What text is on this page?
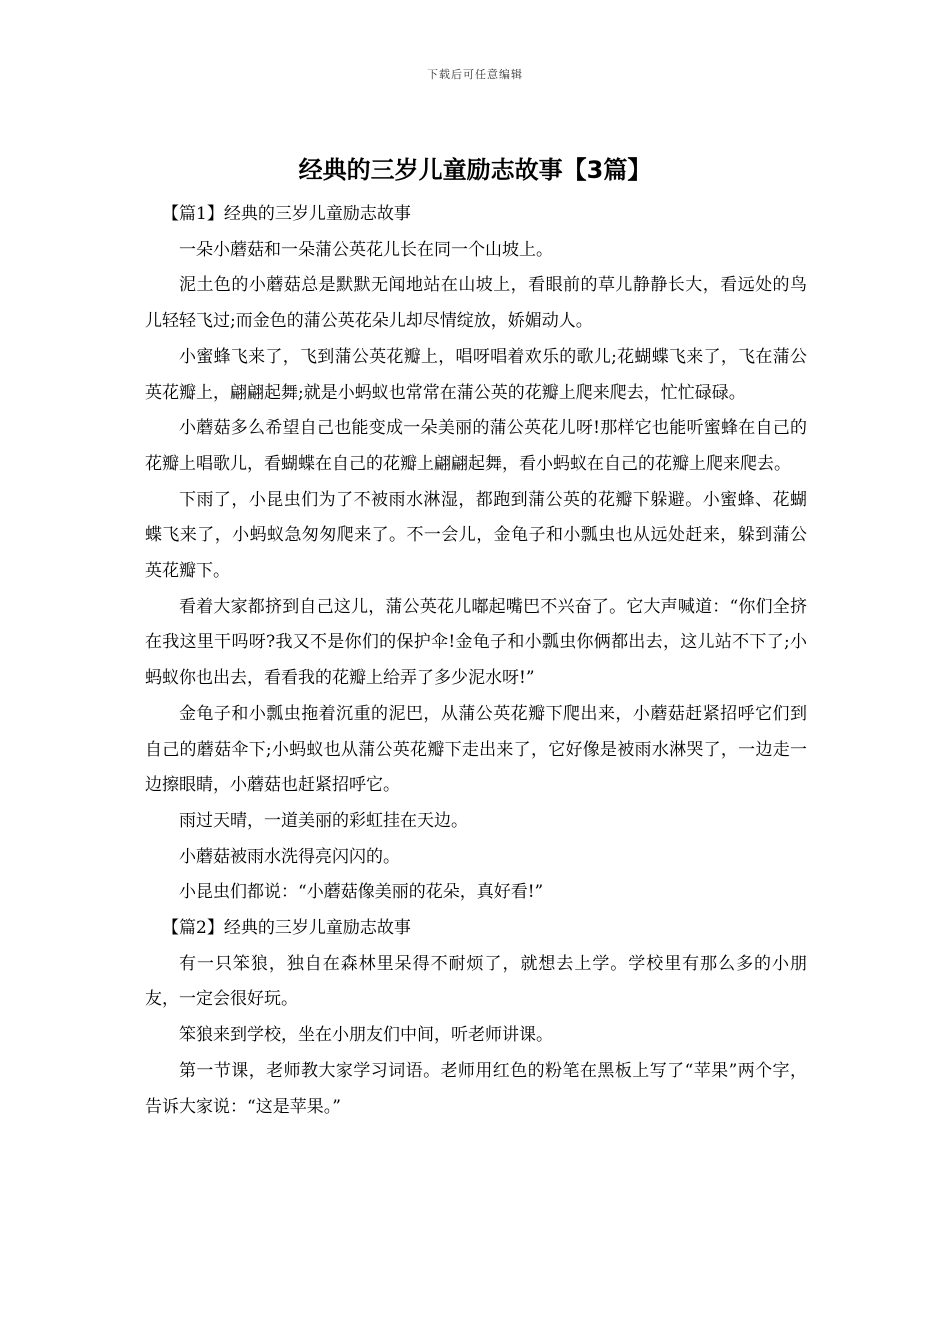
下载后可任意编辑
经典的三岁儿童励志故事【3篇】

【篇1】经典的三岁儿童励志故事

一朵小蘑菇和一朵蒲公英花儿长在同一个山坡上。

泥土色的小蘑菇总是默默无闻地站在山坡上，看眼前的草儿静静长大，看远处的鸟儿轻轻飞过;而金色的蒲公英花朵儿却尽情绽放，娇媚动人。

小蜜蜂飞来了，飞到蒲公英花瓣上，唱呀唱着欢乐的歌儿;花蝴蝶飞来了，飞在蒲公英花瓣上，翩翩起舞;就是小蚂蚁也常常在蒲公英的花瓣上爬来爬去，忙忙碌碌。

小蘑菇多么希望自己也能变成一朵美丽的蒲公英花儿呀!那样它也能听蜜蜂在自己的花瓣上唱歌儿，看蝴蝶在自己的花瓣上翩翩起舞，看小蚂蚁在自己的花瓣上爬来爬去。

下雨了，小昆虫们为了不被雨水淋湿，都跑到蒲公英的花瓣下躲避。小蜜蜂、花蝴蝶飞来了，小蚂蚁急匆匆爬来了。不一会儿，金龟子和小瓢虫也从远处赶来，躲到蒲公英花瓣下。

看着大家都挤到自己这儿，蒲公英花儿嘟起嘴巴不兴奋了。它大声喊道：“你们全挤在我这里干吗呀?我又不是你们的保护伞!金龟子和小瓢虫你俩都出去，这儿站不下了;小蚂蚁你也出去，看看我的花瓣上给弄了多少泥水呀!”

金龟子和小瓢虫拖着沉重的泥巴，从蒲公英花瓣下爬出来，小蘑菇赶紧招呼它们到自己的蘑菇伞下;小蚂蚁也从蒲公英花瓣下走出来了，它好像是被雨水淋哭了，一边走一边擦眼睛，小蘑菇也赶紧招呼它。

雨过天晴，一道美丽的彩虹挂在天边。

小蘑菇被雨水洗得亮闪闪的。

小昆虫们都说：“小蘑菇像美丽的花朵，真好看!”

【篇2】经典的三岁儿童励志故事

有一只笨狼，独自在森林里呆得不耐烦了，就想去上学。学校里有那么多的小朋友，一定会很好玩。

笨狼来到学校，坐在小朋友们中间，听老师讲课。

第一节课，老师教大家学习词语。老师用红色的粉笔在黑板上写了“苹果”两个字，告诉大家说：“这是苹果。”
